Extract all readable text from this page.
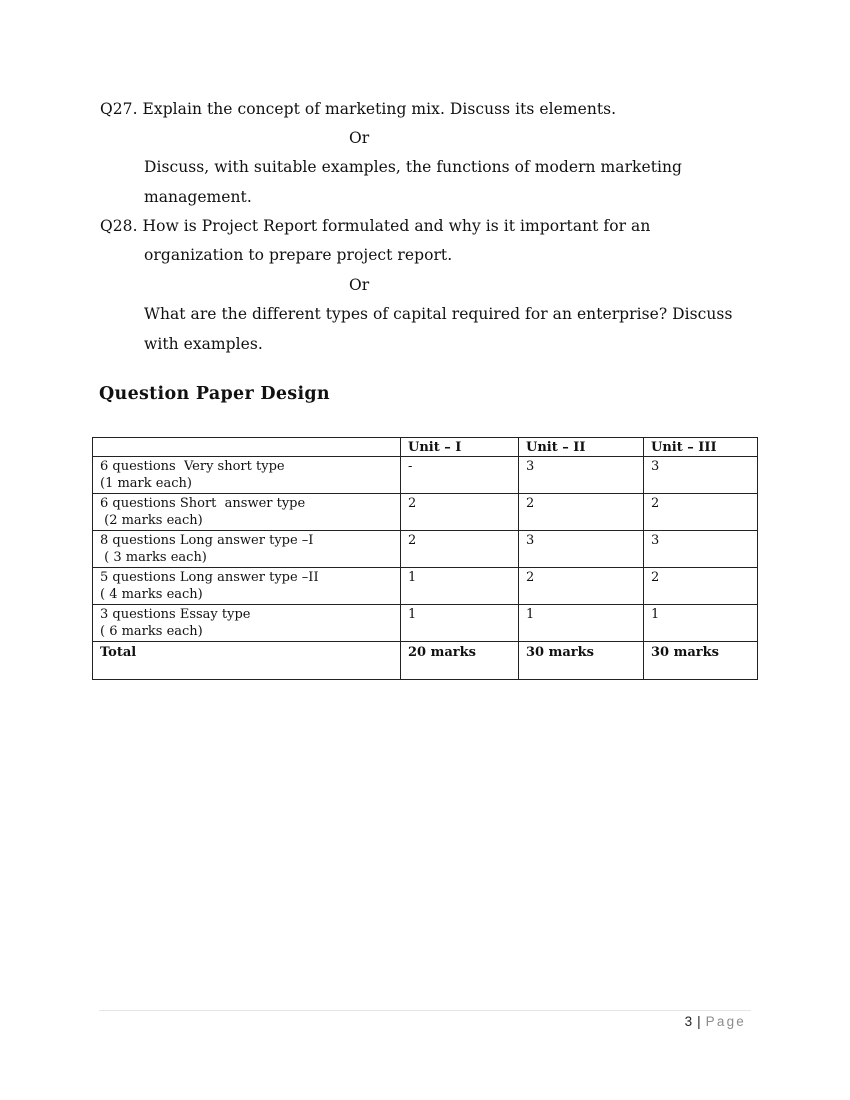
Q27. Explain the concept of marketing mix. Discuss its elements.
Or
Discuss, with suitable examples, the functions of modern marketing
management.
Q28. How is Project Report formulated and why is it important for an
organization to prepare project report.
Or
What are the different types of capital required for an enterprise? Discuss
with examples.
Question Paper Design
	Unit – I	Unit – II	Unit – III

6 questions  Very short type
(1 mark each)	-	3	3

6 questions Short  answer type
(2 marks each)	2	2	2

8 questions Long answer type –I
( 3 marks each)	2	3	3

5 questions Long answer type –II
( 4 marks each)	1	2	2

3 questions Essay type
( 6 marks each)	1	1	1
Total	20 marks	30 marks	30 marks
3 | Page
